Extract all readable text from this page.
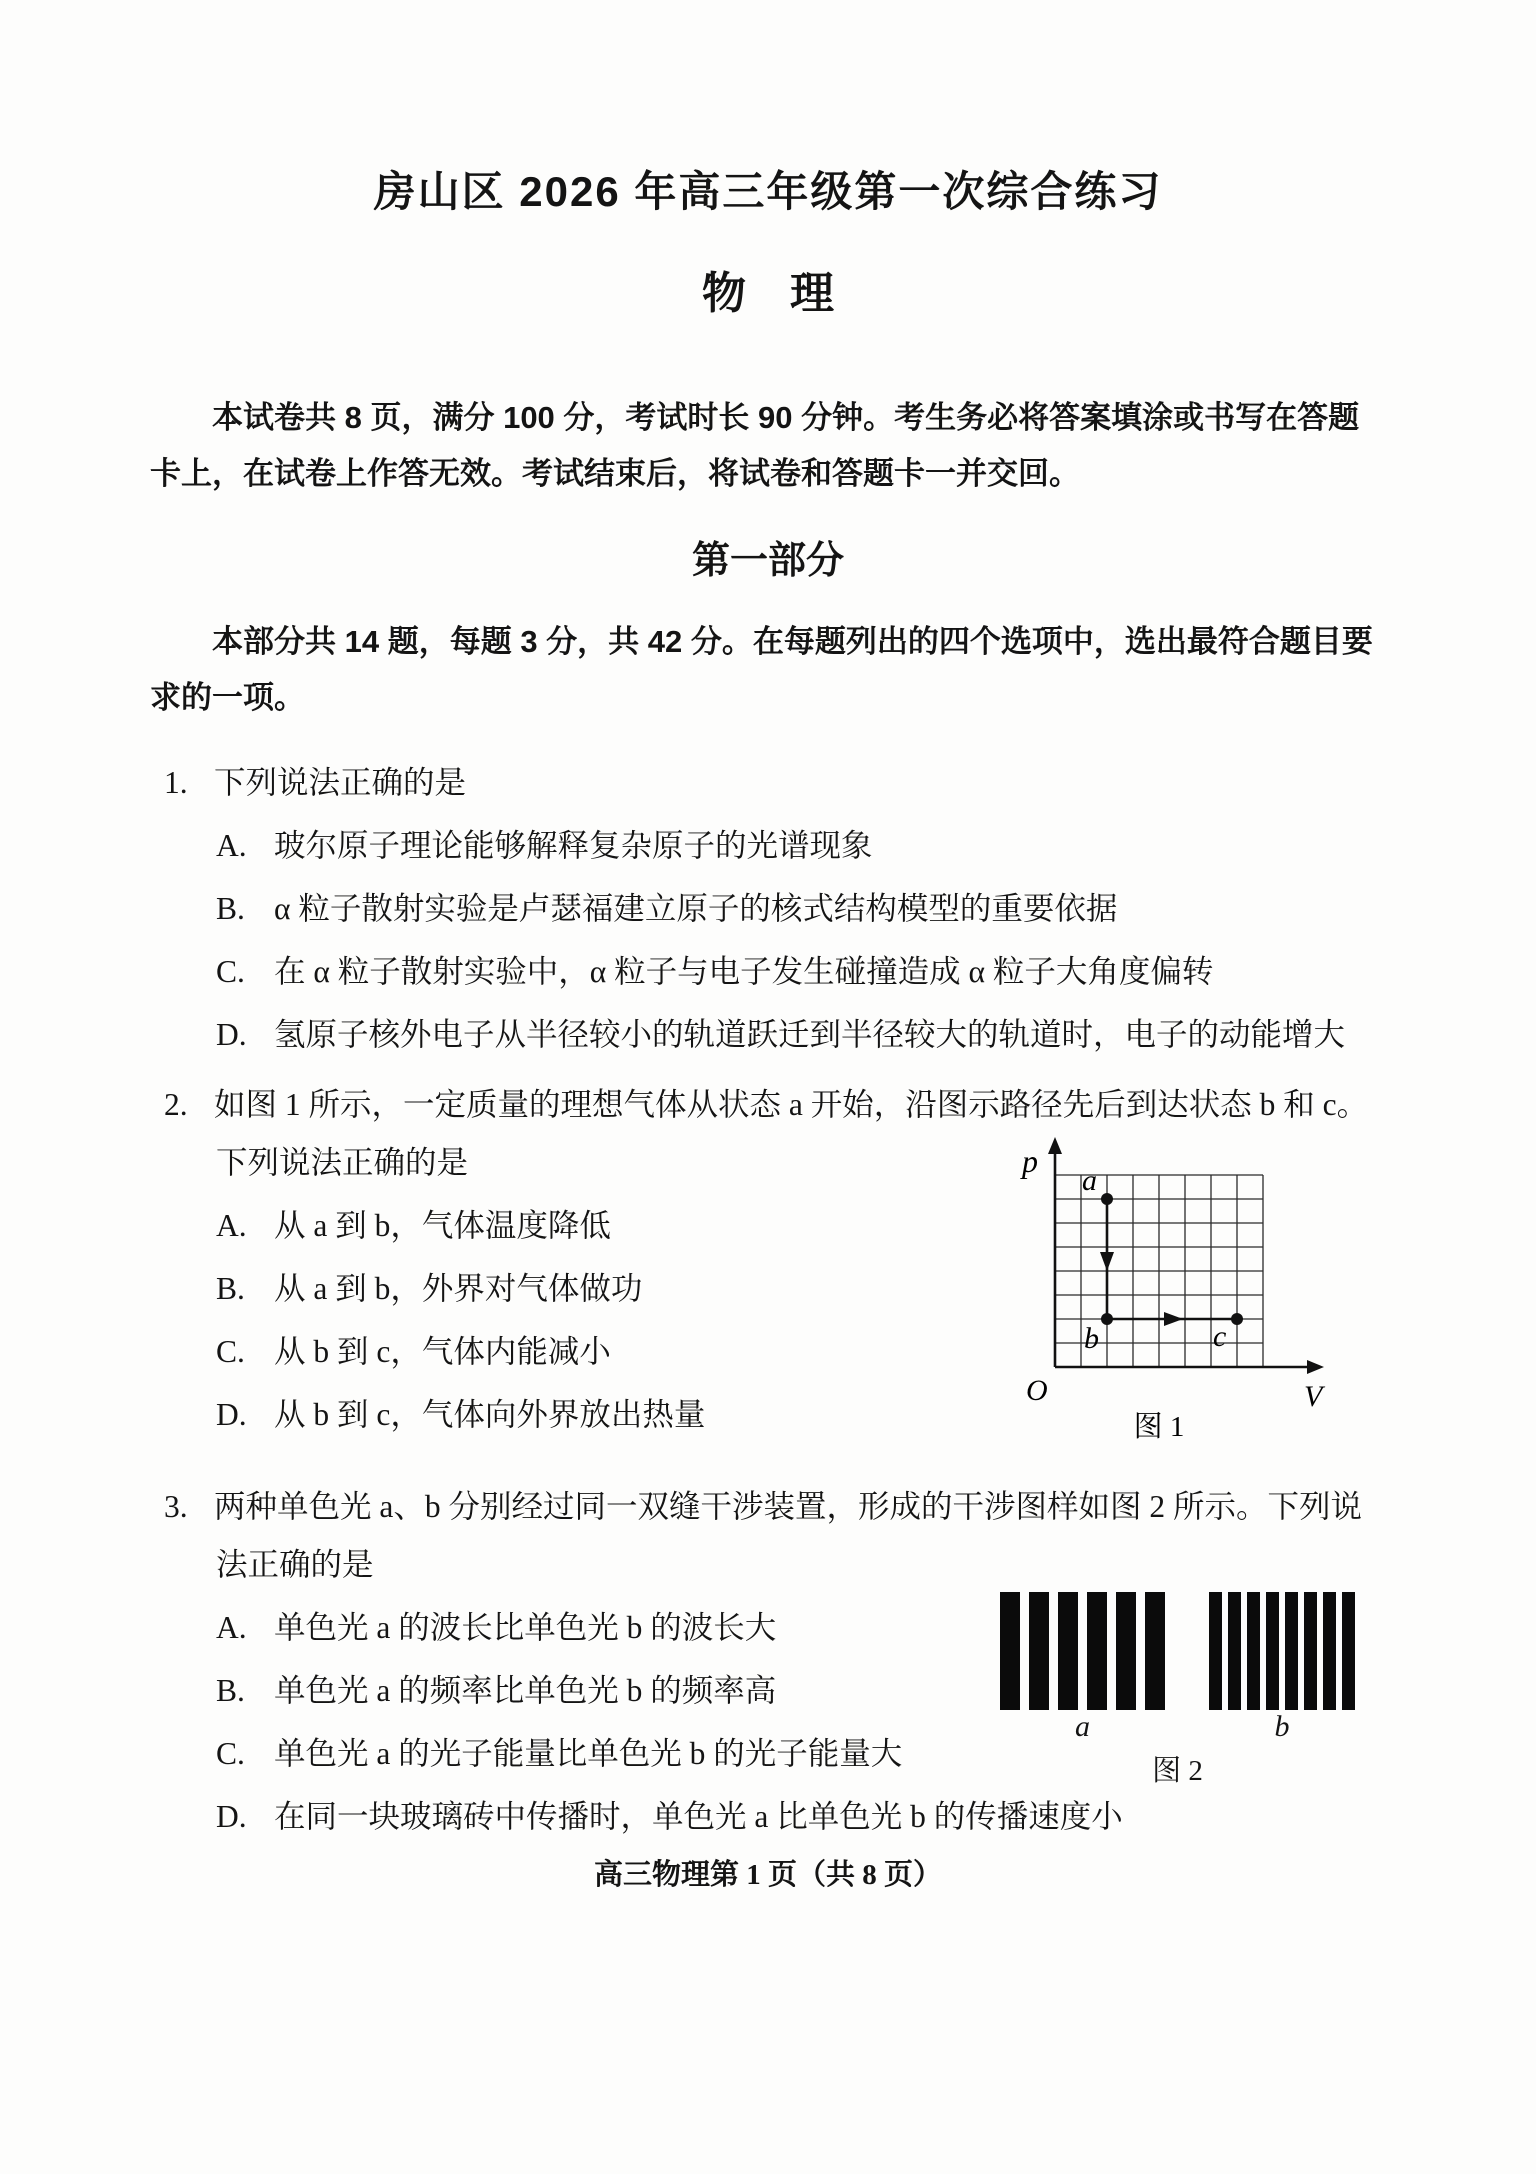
房山区 2026 年高三年级第一次综合练习
物　理

本试卷共 8 页，满分 100 分，考试时长 90 分钟。考生务必将答案填涂或书写在答题卡上，在试卷上作答无效。考试结束后，将试卷和答题卡一并交回。

第一部分

本部分共 14 题，每题 3 分，共 42 分。在每题列出的四个选项中，选出最符合题目要求的一项。

1. 下列说法正确的是
A. 玻尔原子理论能够解释复杂原子的光谱现象
B. α 粒子散射实验是卢瑟福建立原子的核式结构模型的重要依据
C. 在 α 粒子散射实验中，α 粒子与电子发生碰撞造成 α 粒子大角度偏转
D. 氢原子核外电子从半径较小的轨道跃迁到半径较大的轨道时，电子的动能增大
2. 如图 1 所示，一定质量的理想气体从状态 a 开始，沿图示路径先后到达状态 b 和 c。
下列说法正确的是
A. 从 a 到 b，气体温度降低
B. 从 a 到 b，外界对气体做功
C. 从 b 到 c，气体内能减小
D. 从 b 到 c，气体向外界放出热量
p
V
O
a
b	c
图 1
3. 两种单色光 a、b 分别经过同一双缝干涉装置，形成的干涉图样如图 2 所示。下列说
法正确的是
A. 单色光 a 的波长比单色光 b 的波长大
B. 单色光 a 的频率比单色光 b 的频率高
C. 单色光 a 的光子能量比单色光 b 的光子能量大
D. 在同一块玻璃砖中传播时，单色光 a 比单色光 b 的传播速度小
a	b
图 2
高三物理第 1 页（共 8 页）
